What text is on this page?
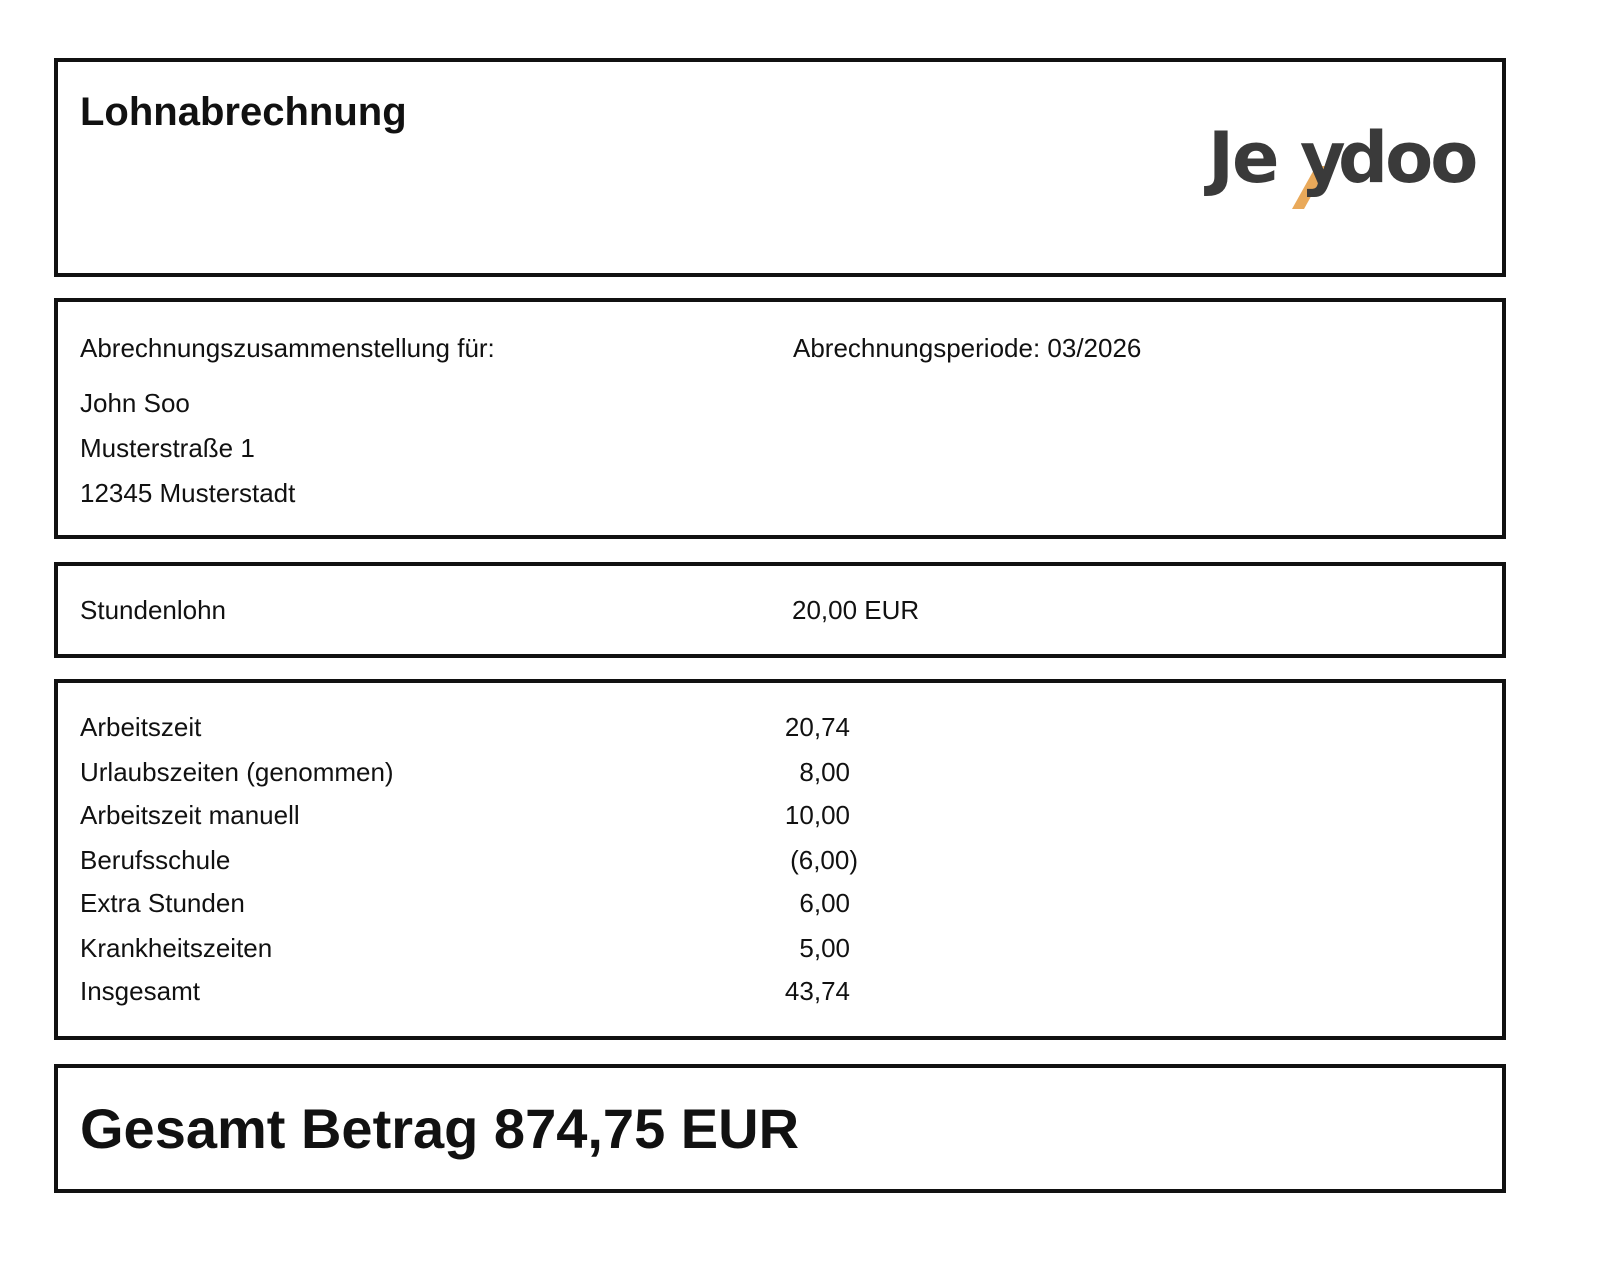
Lohnabrechnung
Je y
doo
Abrechnungszusammenstellung für:	Abrechnungsperiode: 03/2026
John Soo
Musterstraße 1
12345 Musterstadt
Stundenlohn	20,00 EUR
Arbeitszeit	20,74
Urlaubszeiten (genommen)	8,00
Arbeitszeit manuell	10,00
Berufsschule	(6,00)
Extra Stunden	6,00
Krankheitszeiten	5,00
Insgesamt	43,74
Gesamt Betrag 874,75 EUR
